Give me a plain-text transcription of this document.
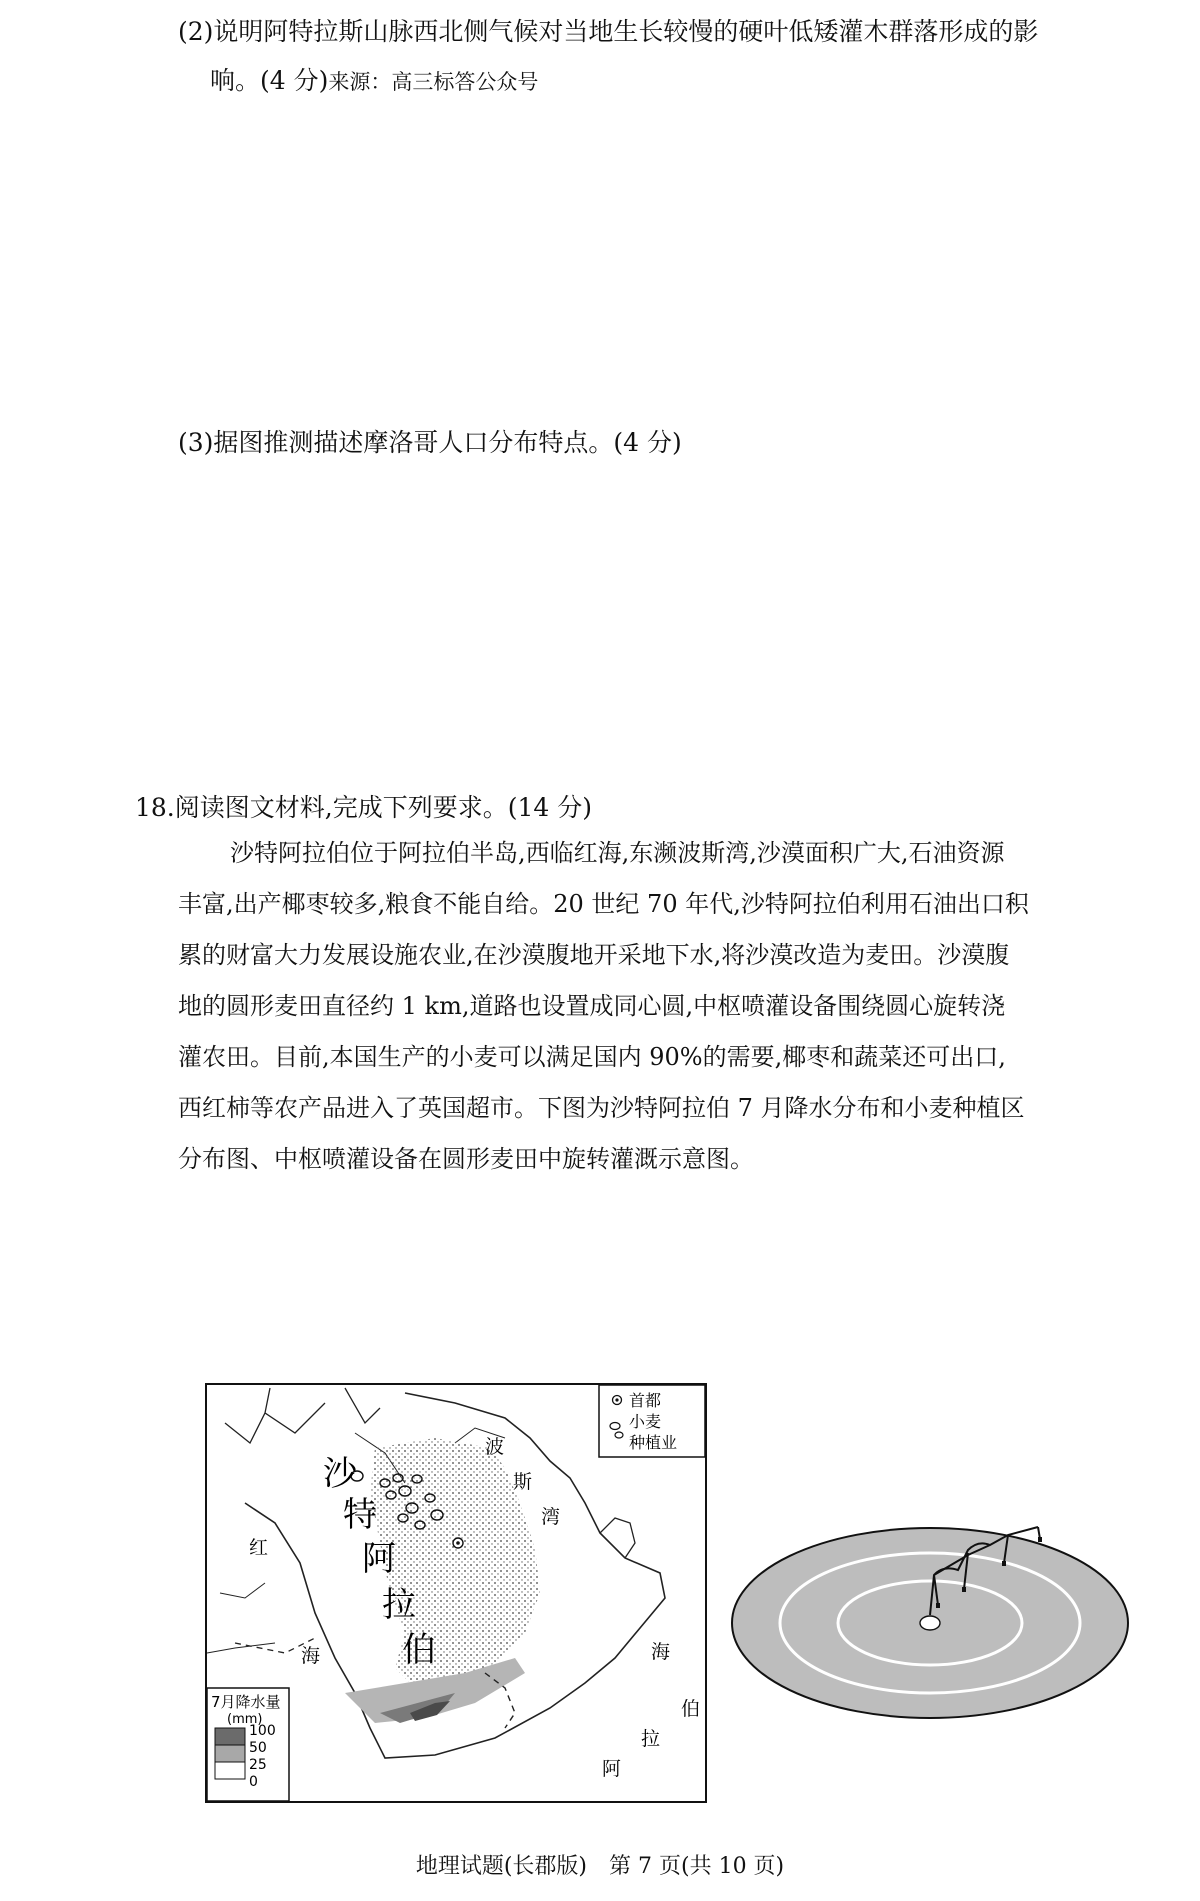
(2)说明阿特拉斯山脉西北侧气候对当地生长较慢的硬叶低矮灌木群落形成的影
响。(4 分)来源：高三标答公众号
(3)据图推测描述摩洛哥人口分布特点。(4 分)
18.阅读图文材料,完成下列要求。(14 分)

沙特阿拉伯位于阿拉伯半岛,西临红海,东濒波斯湾,沙漠面积广大,石油资源

丰富,出产椰枣较多,粮食不能自给。20 世纪 70 年代,沙特阿拉伯利用石油出口积

累的财富大力发展设施农业,在沙漠腹地开采地下水,将沙漠改造为麦田。沙漠腹

地的圆形麦田直径约 1 km,道路也设置成同心圆,中枢喷灌设备围绕圆心旋转浇

灌农田。目前,本国生产的小麦可以满足国内 90%的需要,椰枣和蔬菜还可出口,

西红柿等农产品进入了英国超市。下图为沙特阿拉伯 7 月降水分布和小麦种植区

分布图、中枢喷灌设备在圆形麦田中旋转灌溉示意图。

沙
特
阿
拉
伯
红
海
波
斯
湾
阿
拉
伯
海
首都
小麦
种植业
7月降水量
(mm)
100
50
25
0
地理试题(长郡版)　第 7 页(共 10 页)
